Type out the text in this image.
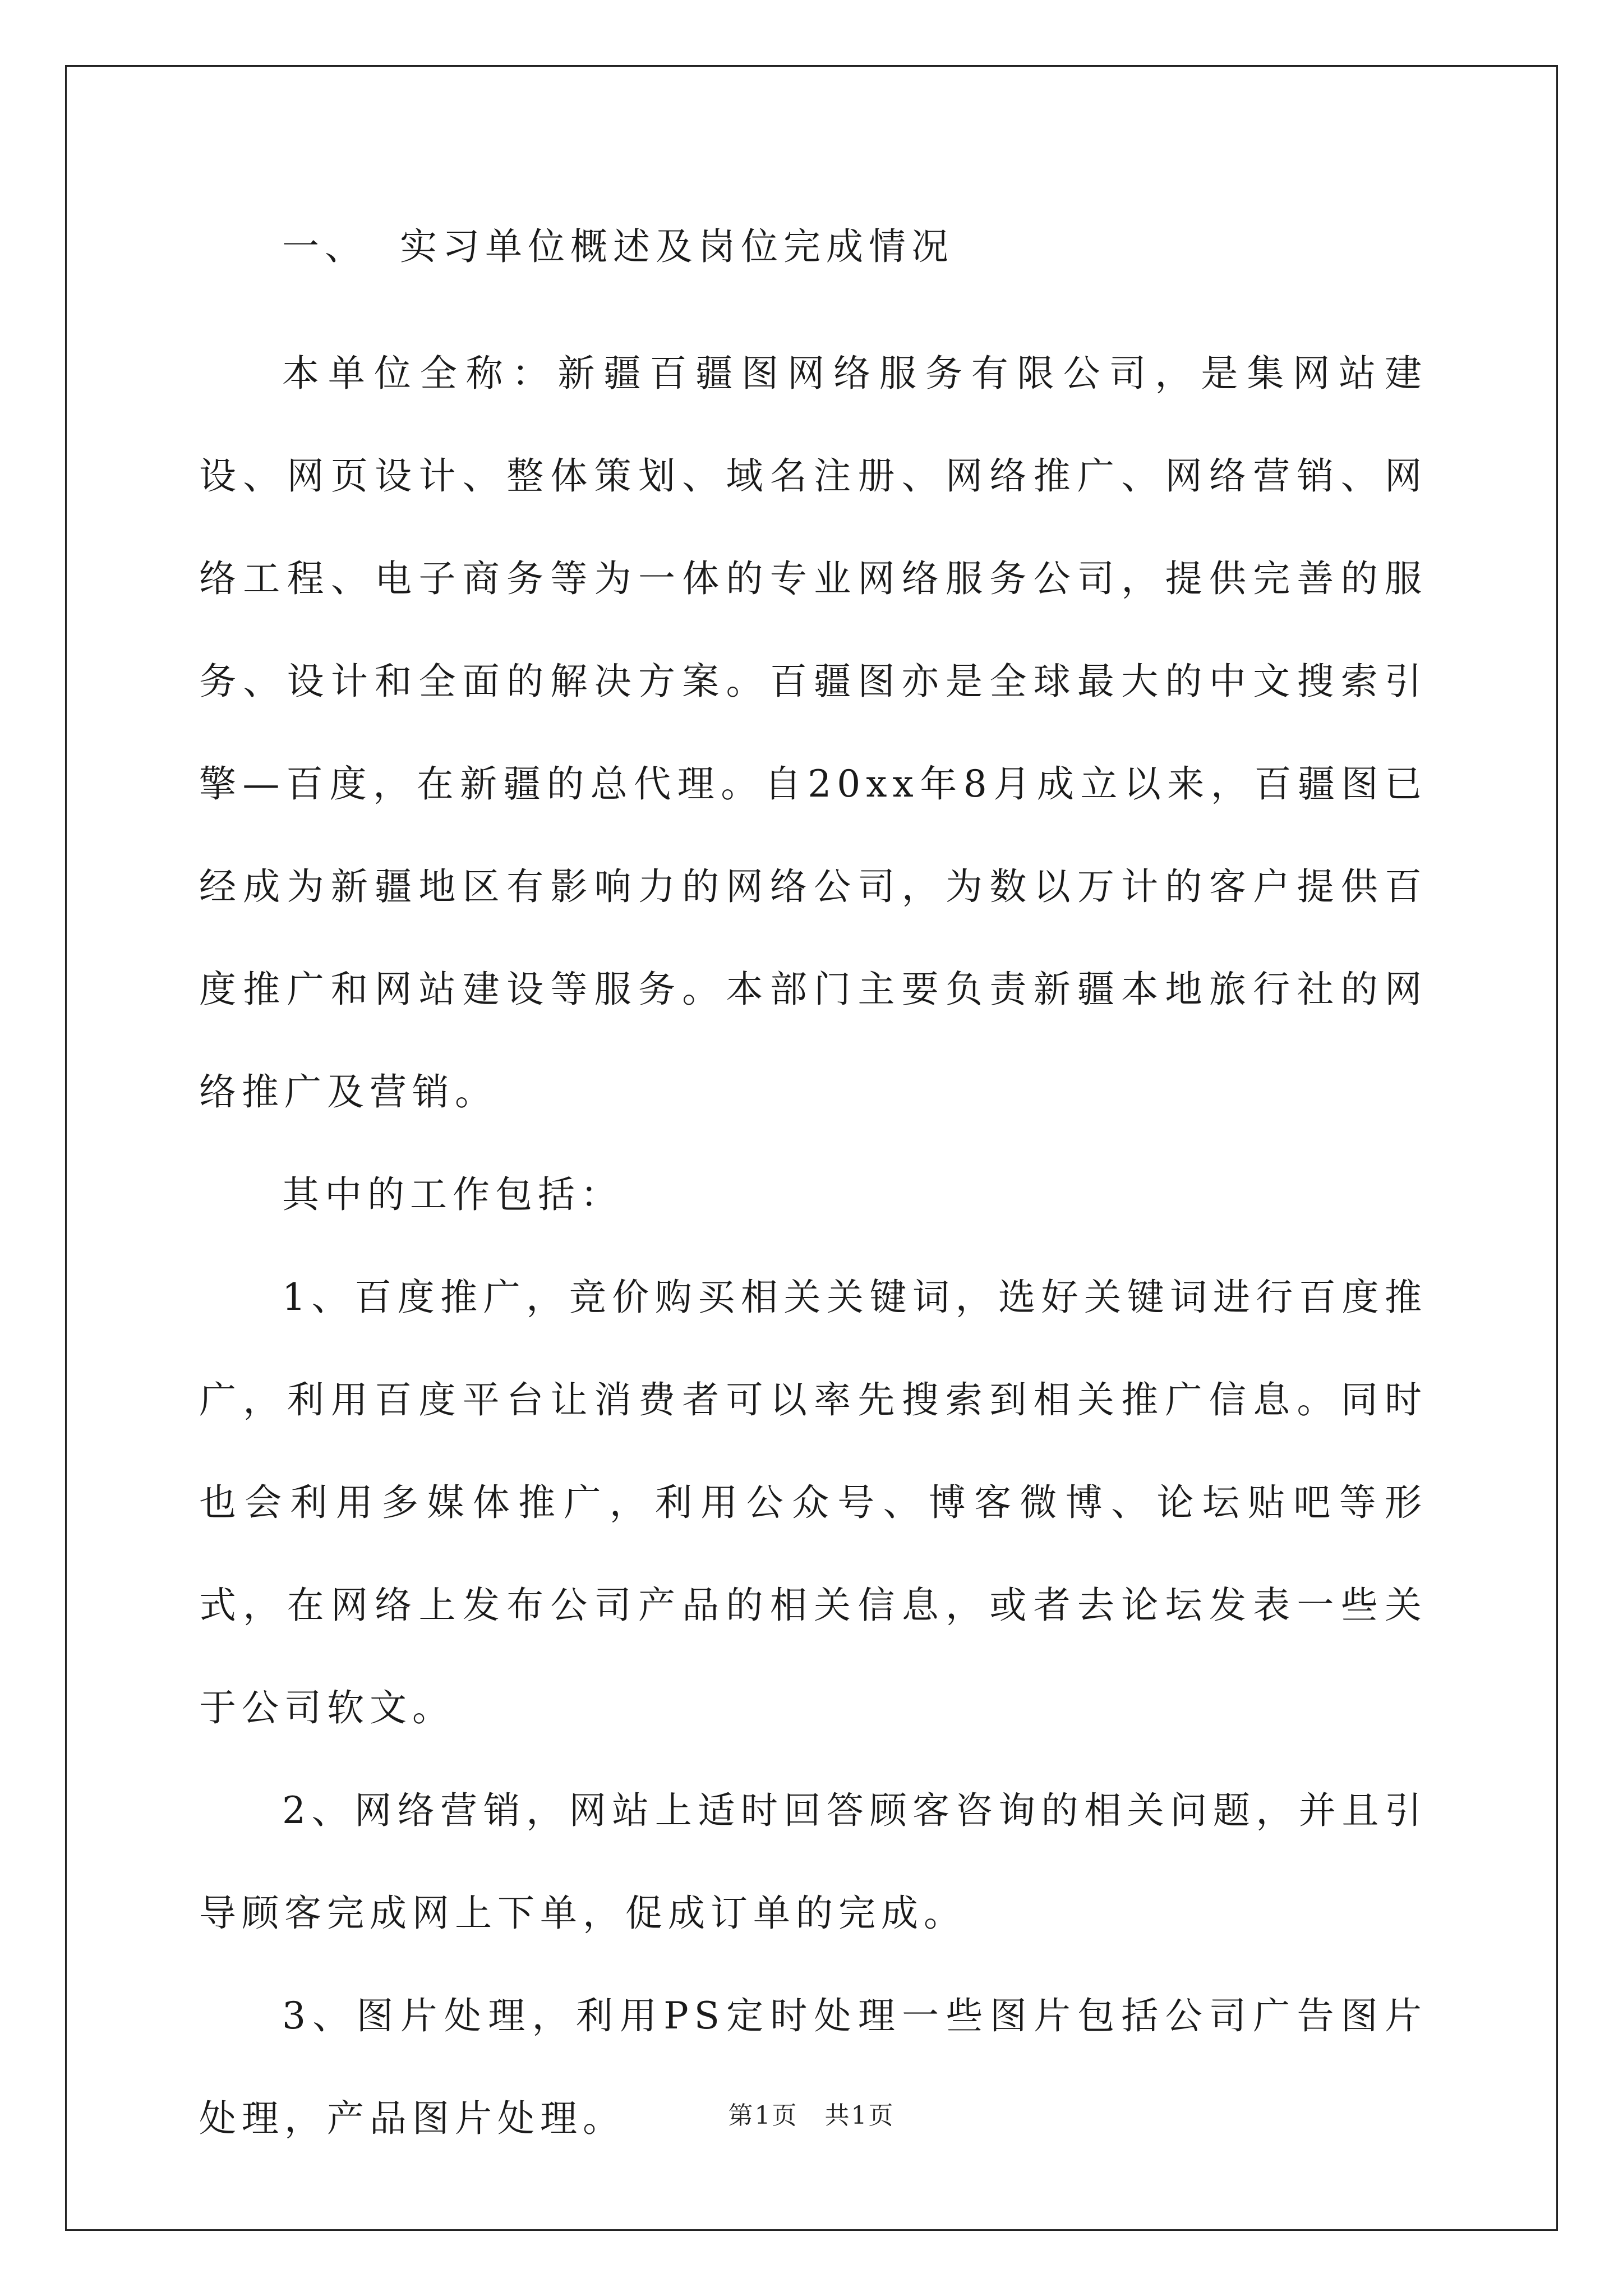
一、 实习单位概述及岗位完成情况

本单位全称：新疆百疆图网络服务有限公司，是集网站建设、网页设计、整体策划、域名注册、网络推广、网络营销、网络工程、电子商务等为一体的专业网络服务公司，提供完善的服务、设计和全面的解决方案。百疆图亦是全球最大的中文搜索引擎—百度，在新疆的总代理。自20xx年8月成立以来，百疆图已经成为新疆地区有影响力的网络公司，为数以万计的客户提供百度推广和网站建设等服务。本部门主要负责新疆本地旅行社的网络推广及营销。

其中的工作包括：

1、百度推广，竞价购买相关关键词，选好关键词进行百度推广，利用百度平台让消费者可以率先搜索到相关推广信息。同时也会利用多媒体推广，利用公众号、博客微博、论坛贴吧等形式，在网络上发布公司产品的相关信息，或者去论坛发表一些关于公司软文。

2、网络营销，网站上适时回答顾客咨询的相关问题，并且引导顾客完成网上下单，促成订单的完成。

3、图片处理，利用PS定时处理一些图片包括公司广告图片处理，产品图片处理。	第1页　共1页
